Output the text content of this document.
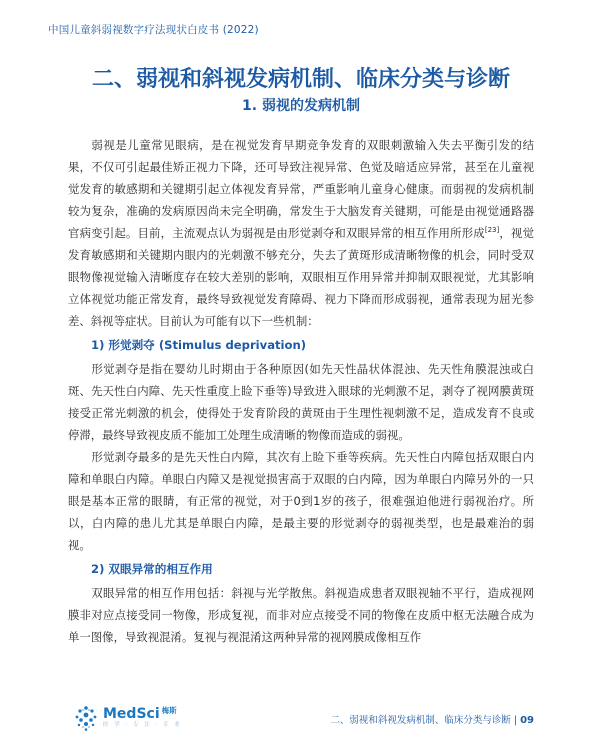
中国儿童斜弱视数字疗法现状白皮书 (2022)
二、弱视和斜视发病机制、临床分类与诊断
1. 弱视的发病机制

弱视是儿童常见眼病，是在视觉发育早期竞争发育的双眼刺激输入失去平衡引发的结果，不仅可引起最佳矫正视力下降，还可导致注视异常、色觉及暗适应异常，甚至在儿童视觉发育的敏感期和关键期引起立体视发育异常，严重影响儿童身心健康。而弱视的发病机制较为复杂，准确的发病原因尚未完全明确，常发生于大脑发育关键期，可能是由视觉通路器官病变引起。目前，主流观点认为弱视是由形觉剥夺和双眼异常的相互作用所形成[23]，视觉发育敏感期和关键期内眼内的光刺激不够充分，失去了黄斑形成清晰物像的机会，同时受双眼物像视觉输入清晰度存在较大差别的影响，双眼相互作用异常并抑制双眼视觉，尤其影响立体视觉功能正常发育，最终导致视觉发育障碍、视力下降而形成弱视，通常表现为屈光参差、斜视等症状。目前认为可能有以下一些机制：

1) 形觉剥夺 (Stimulus deprivation)

形觉剥夺是指在婴幼儿时期由于各种原因(如先天性晶状体混浊、先天性角膜混浊或白斑、先天性白内障、先天性重度上睑下垂等)导致进入眼球的光刺激不足，剥夺了视网膜黄斑接受正常光刺激的机会，使得处于发育阶段的黄斑由于生理性视刺激不足，造成发育不良或停滞，最终导致视皮质不能加工处理生成清晰的物像而造成的弱视。

形觉剥夺最多的是先天性白内障，其次有上睑下垂等疾病。先天性白内障包括双眼白内障和单眼白内障。单眼白内障又是视觉损害高于双眼的白内障，因为单眼白内障另外的一只眼是基本正常的眼睛，有正常的视觉，对于0到1岁的孩子，很难强迫他进行弱视治疗。所以，白内障的患儿尤其是单眼白内障，是最主要的形觉剥夺的弱视类型，也是最难治的弱视。

2) 双眼异常的相互作用

双眼异常的相互作用包括：斜视与光学散焦。斜视造成患者双眼视轴不平行，造成视网膜非对应点接受同一物像，形成复视，而非对应点接受不同的物像在皮质中枢无法融合成为单一图像，导致视混淆。复视与视混淆这两种异常的视网膜成像相互作

MedSci $^{梅斯}$
医 学 · 专 注 · 专 业	二、弱视和斜视发病机制、临床分类与诊断 | 09
